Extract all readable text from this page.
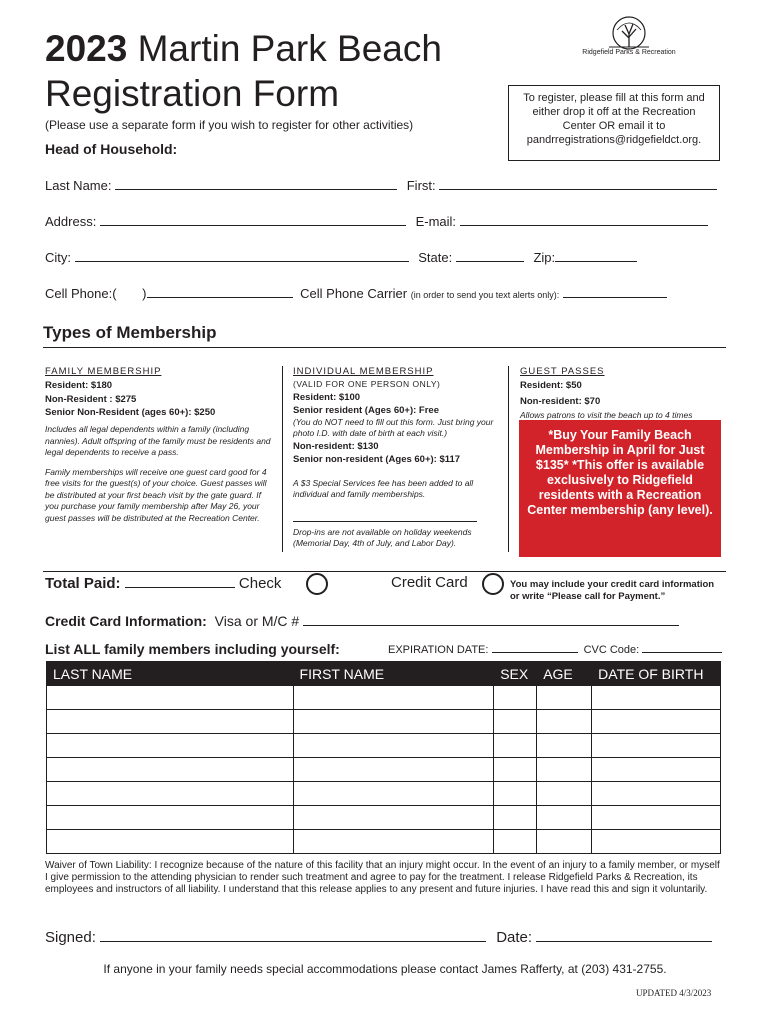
2023 Martin Park Beach
Registration Form
(Please use a separate form if you wish to register for other activities)
Head of Household:
Ridgefield Parks & Recreation
To register, please fill at this form and either drop it off at the Recreation Center OR email it to pandrregistrations@ridgefieldct.org.
Last Name:	First:
Address:	E-mail:
City:	State:	Zip:
Cell Phone:( )	Cell Phone Carrier (in order to send you text alerts only):
Types of Membership
FAMILY MEMBERSHIP
Resident: $180
Non-Resident : $275
Senior Non-Resident (ages 60+): $250
Includes all legal dependents within a family (including nannies). Adult offspring of the family must be residents and legal dependents to receive a pass.
Family memberships will receive one guest card good for 4 free visits for the guest(s) of your choice. Guest passes will be distributed at your first beach visit by the gate guard. If you purchase your family membership after May 26, your guest passes will be distributed at the Recreation Center.
INDIVIDUAL MEMBERSHIP
(VALID FOR ONE PERSON ONLY)
Resident: $100
Senior resident (Ages 60+): Free
(You do NOT need to fill out this form. Just bring your photo I.D. with date of birth at each visit.)
Non-resident: $130
Senior non-resident (Ages 60+): $117
A $3 Special Services fee has been added to all individual and family memberships.
Drop-ins are not available on holiday weekends (Memorial Day, 4th of July, and Labor Day).
GUEST PASSES
Resident: $50
Non-resident: $70
Allows patrons to visit the beach up to 4 times
*Buy Your Family Beach Membership in April for Just $135* *This offer is available exclusively to Ridgefield residents with a Recreation Center membership (any level).
Total Paid:	Check	Credit Card	You may include your credit card information or write “Please call for Payment.”
Credit Card Information: Visa or M/C #
List ALL family members including yourself:	EXPIRATION DATE:	CVC Code:
LAST NAME	FIRST NAME	SEX	AGE	DATE OF BIRTH

Waiver of Town Liability: I recognize because of the nature of this facility that an injury might occur. In the event of an injury to a family member, or myself I give permission to the attending physician to render such treatment and agree to pay for the treatment. I release Ridgefield Parks & Recreation, its employees and instructors of all liability. I understand that this release applies to any present and future injuries. I have read this and sign it voluntarily.
Signed:	Date:
If anyone in your family needs special accommodations please contact James Rafferty, at (203) 431-2755.
UPDATED 4/3/2023
